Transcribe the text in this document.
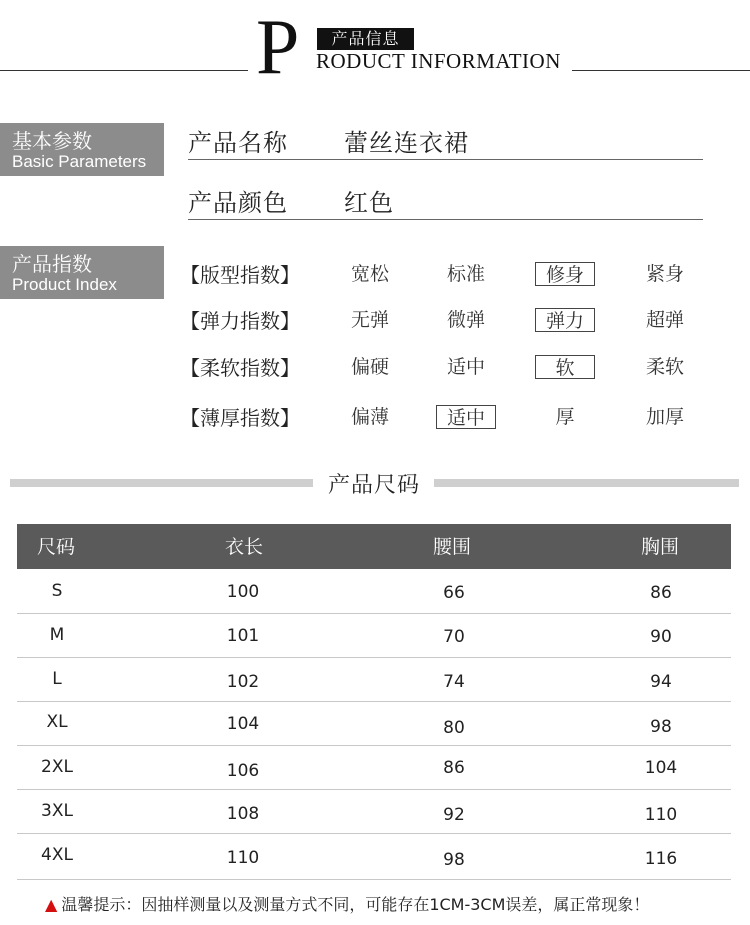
P	产品信息
RODUCT INFORMATION
基本参数
Basic Parameters
产品名称 蕾丝连衣裙
产品颜色 红色
产品指数
Product Index	【版型指数】	宽松	标准	修身	紧身
【弹力指数】	无弹	微弹	弹力	超弹
【柔软指数】	偏硬	适中	软	柔软
【薄厚指数】	偏薄	适中	厚	加厚
产品尺码
尺码	衣长	腰围	胸围
S	100	66	86
M	101	70	90
L	102	74	94
XL	104	80	98
2XL	106	86	104
3XL	108	92	110
4XL	110	98	116
▲ 温馨提示：因抽样测量以及测量方式不同，可能存在1CM-3CM误差，属正常现象！
